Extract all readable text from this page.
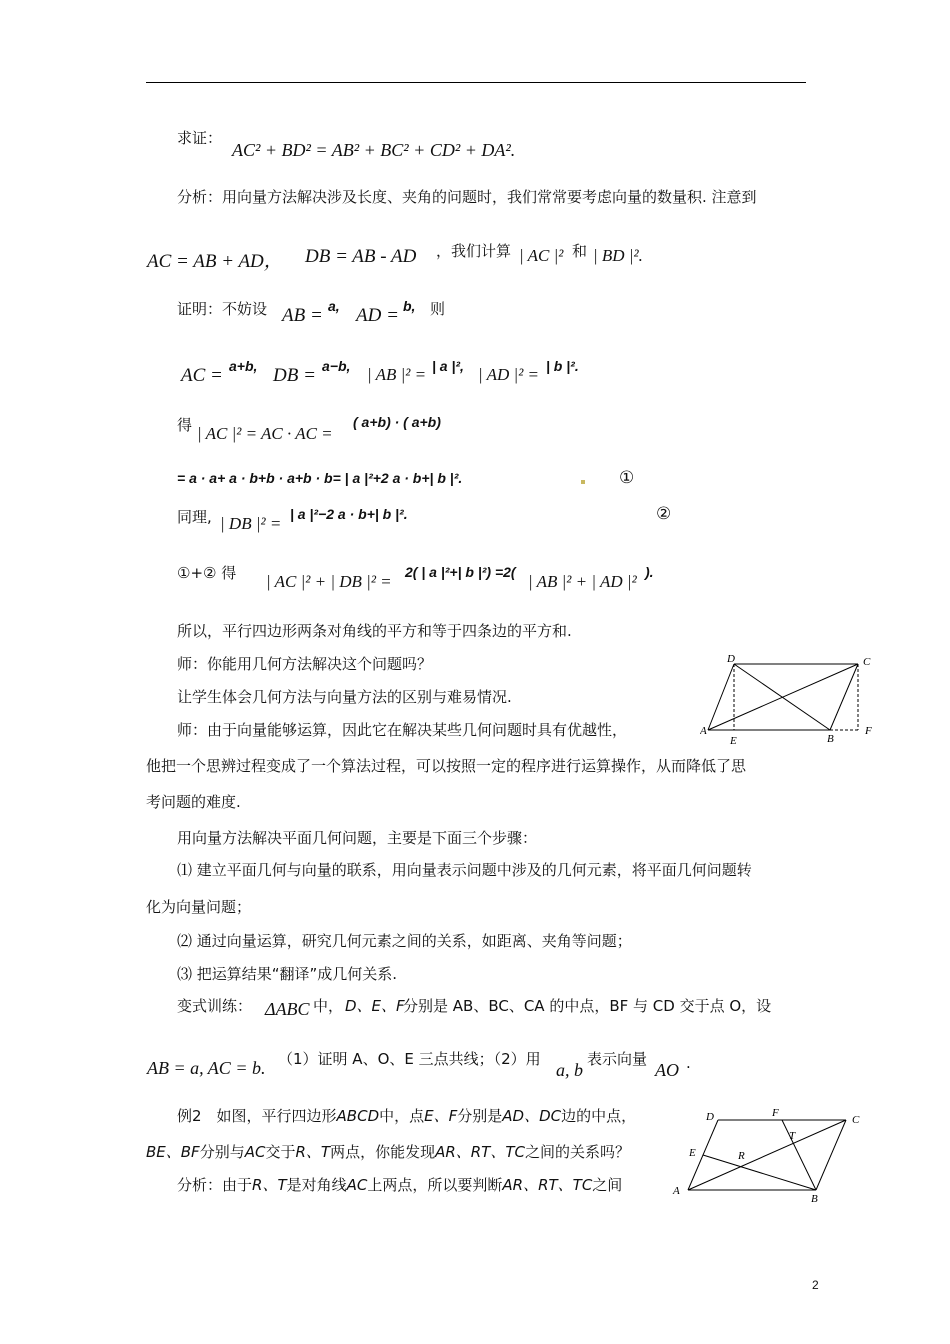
求证：
AC² + BD² = AB² + BC² + CD² + DA².
分析：用向量方法解决涉及长度、夹角的问题时，我们常常要考虑向量的数量积. 注意到
AC = AB + AD， DB = AB - AD ，我们计算 | AC |² 和 | BD |².
证明：不妨设 AB = a, AD = b, 则
AC = a+b, DB = a−b, | AB |² = | a |², | AD |² = | b |².
得 | AC |² = AC · AC =
( a+b) · ( a+b)
= a · a+ a · b+b · a+b · b= | a |²+2 a · b+| b |².	①
同理, | DB |² = | a |²−2 a · b+| b |².	②
①+② 得 | AC |² + | DB |² = 2( | a |²+| b |²) =2( | AB |² + | AD |² ).
所以，平行四边形两条对角线的平方和等于四条边的平方和.
师：你能用几何方法解决这个问题吗？
让学生体会几何方法与向量方法的区别与难易情况.
师：由于向量能够运算，因此它在解决某些几何问题时具有优越性，
他把一个思辨过程变成了一个算法过程，可以按照一定的程序进行运算操作，从而降低了思
考问题的难度.
用向量方法解决平面几何问题，主要是下面三个步骤：
⑴ 建立平面几何与向量的联系，用向量表示问题中涉及的几何元素，将平面几何问题转
化为向量问题；
⑵ 通过向量运算，研究几何元素之间的关系，如距离、夹角等问题；
⑶ 把运算结果“翻译”成几何关系.
变式训练： ΔABC 中， D、E、F
分别是 AB、BC、CA 的中点，BF 与 CD 交于点 O，设
AB = a, AC = b. （1）证明 A、O、E 三点共线；（2）用
a, b
表示向量
AO .
例2　如图，平行四边形ABCD中，点E、F分别是AD、DC边的中点，
BE、BF分别与AC交于R、T两点，你能发现AR、RT、TC之间的关系吗？
分析：由于R、T是对角线AC上两点，所以要判断AR、RT、TC之间
D	C
A
E	B
F
D	F
C
T
E	R
A
B
2
